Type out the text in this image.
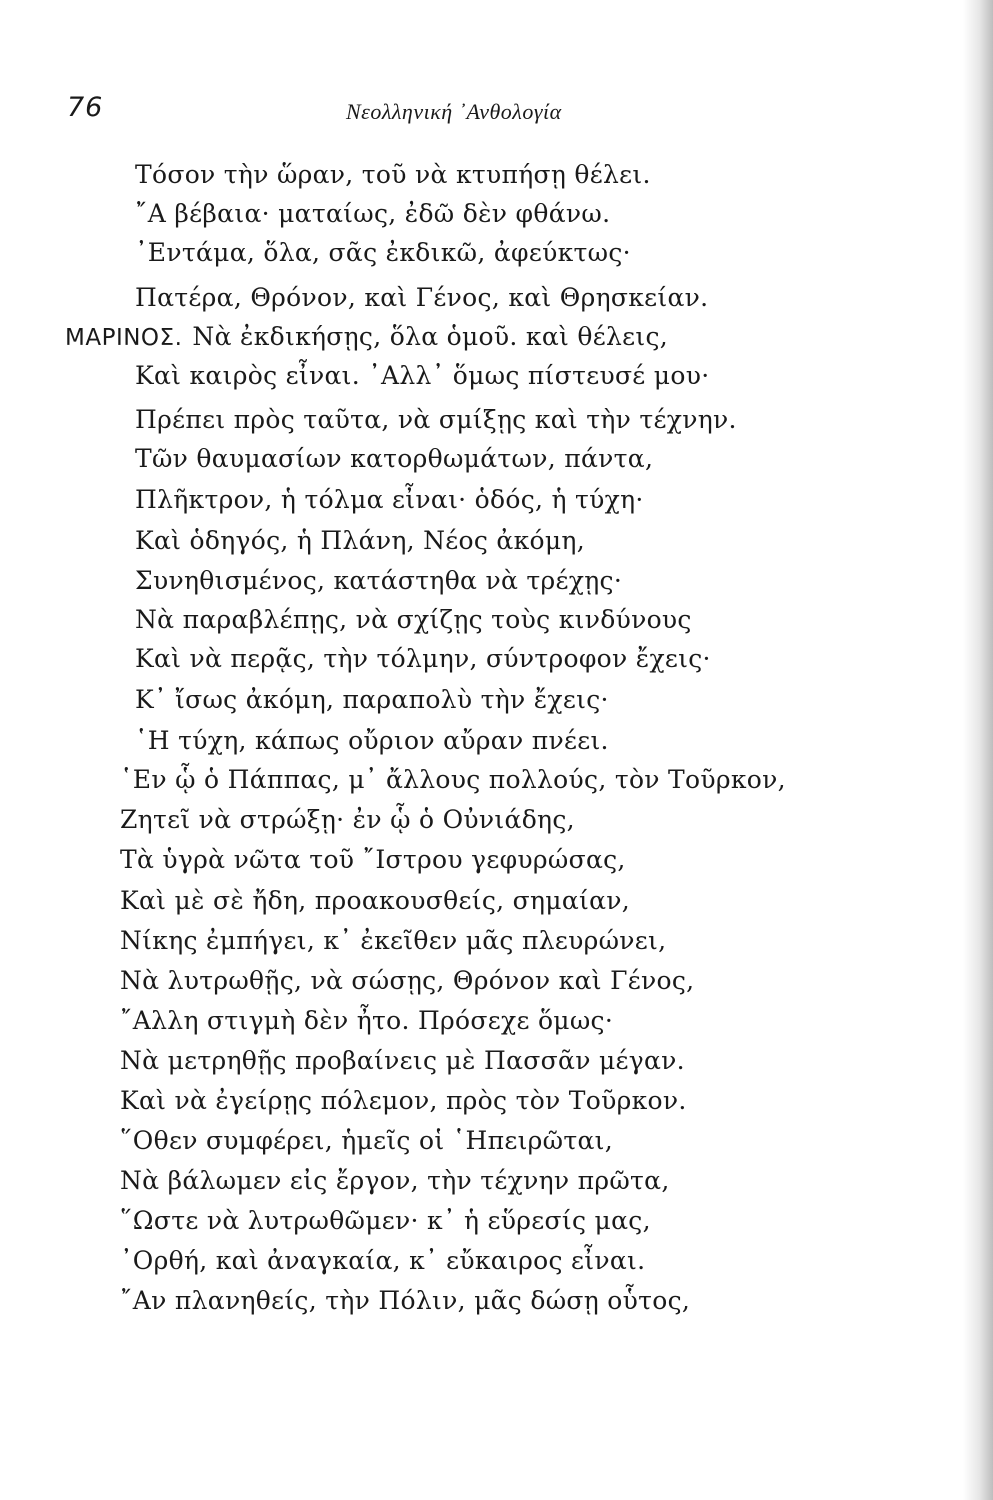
76	Νεολληνική ᾿Ανθολογία
Τόσον τὴν ὥραν, τοῦ νὰ κτυπήσῃ θέλει.
῎Α βέβαια· ματαίως, ἐδῶ δὲν φθάνω.
᾿Εντάμα, ὅλα, σᾶς ἐκδικῶ, ἀφεύκτως·
Πατέρα, Θρόνον, καὶ Γένος, καὶ Θρησκείαν.
ΜΑΡΙΝΟΣ. Νὰ ἐκδικήσῃς, ὅλα ὁμοῦ. καὶ θέλεις,
Καὶ καιρὸς εἶναι. ᾿Αλλ᾿ ὅμως πίστευσέ μου·
Πρέπει πρὸς ταῦτα, νὰ σμίξῃς καὶ τὴν τέχνην.
Τῶν θαυμασίων κατορθωμάτων, πάντα,
Πλῆκτρον, ἡ τόλμα εἶναι· ὁδός, ἡ τύχη·
Καὶ ὁδηγός, ἡ Πλάνη, Νέος ἀκόμη,
Συνηθισμένος, κατάστηθα νὰ τρέχῃς·
Νὰ παραβλέπῃς, νὰ σχίζῃς τοὺς κινδύνους
Καὶ νὰ περᾷς, τὴν τόλμην, σύντροφον ἔχεις·
Κ᾿ ἴσως ἀκόμη, παραπολὺ τὴν ἔχεις·
῾Η τύχη, κάπως οὔριον αὔραν πνέει.
῾Εν ᾧ ὁ Πάππας, μ᾿ ἄλλους πολλούς, τὸν Τοῦρκον,
Ζητεῖ νὰ στρώξῃ· ἐν ᾧ ὁ Οὐνιάδης,
Τὰ ὑγρὰ νῶτα τοῦ ῎Ιστρου γεφυρώσας,
Καὶ μὲ σὲ ἤδη, προακουσθείς, σημαίαν,
Νίκης ἐμπήγει, κ᾿ ἐκεῖθεν μᾶς πλευρώνει,
Νὰ λυτρωθῇς, νὰ σώσῃς, Θρόνον καὶ Γένος,
῎Αλλη στιγμὴ δὲν ἦτο. Πρόσεχε ὅμως·
Νὰ μετρηθῇς προβαίνεις μὲ Πασσᾶν μέγαν.
Καὶ νὰ ἐγείρῃς πόλεμον, πρὸς τὸν Τοῦρκον.
῞Οθεν συμφέρει, ἡμεῖς οἱ ῾Ηπειρῶται,
Νὰ βάλωμεν εἰς ἔργον, τὴν τέχνην πρῶτα,
῞Ωστε νὰ λυτρωθῶμεν· κ᾿ ἡ εὕρεσίς μας,
᾿Ορθή, καὶ ἀναγκαία, κ᾿ εὔκαιρος εἶναι.
῎Αν πλανηθείς, τὴν Πόλιν, μᾶς δώσῃ οὗτος,
